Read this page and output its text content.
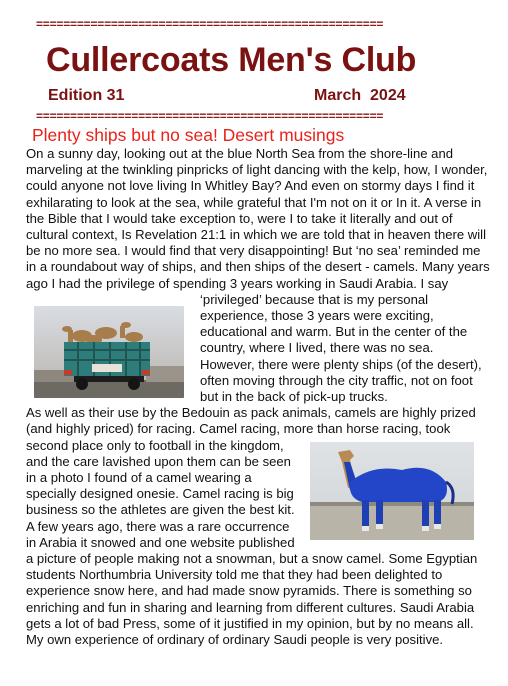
===================================================
Cullercoats Men's Club
Edition 31	March  2024
===================================================
Plenty ships but no sea! Desert musings

On a sunny day, looking out at the blue North Sea from the shore-line and marveling at the twinkling pinpricks of light dancing with the kelp, how, I wonder, could anyone not love living In Whitley Bay? And even on stormy days I find it exhilarating to look at the sea, while grateful that I'm not on it or In it. A verse in the Bible that I would take exception to, were I to take it literally and out of cultural context, Is Revelation 21:1 in which we are told that in heaven there will be no more sea. I would find that very disappointing! But ‘no sea’ reminded me in a roundabout way of ships, and then ships of the desert - camels. Many years ago I had the privilege of spending 3 years working in Saudi Arabia. I say ‘privileged’ because that is
my personal experience, those 3 years were exciting, educational and warm. But in the center of the country, where I lived, there was no sea. However, there were plenty ships (of the desert), often moving through the city traffic, not on foot but in the back of pick-up trucks.

As well as their use by the Bedouin as pack animals, camels are highly prized (and highly priced) for racing. Camel racing, more than
horse racing, took second place only to football in the kingdom, and the care lavished upon them can be seen in a photo I found of a camel wearing a specially designed onesie. Camel racing is big business so the athletes are given the best kit. A few years ago, there was a rare occurrence in Arabia it snowed and one website published a picture of people making not a snowman, but a snow camel. Some Egyptian students Northumbria University told me that they had been delighted to experience snow here, and had made snow pyramids. There is something so enriching and fun in sharing and learning from different cultures. Saudi Arabia gets a lot of bad Press, some of it justified in my opinion, but by no means all. My own experience of ordinary of ordinary Saudi people is very positive.
